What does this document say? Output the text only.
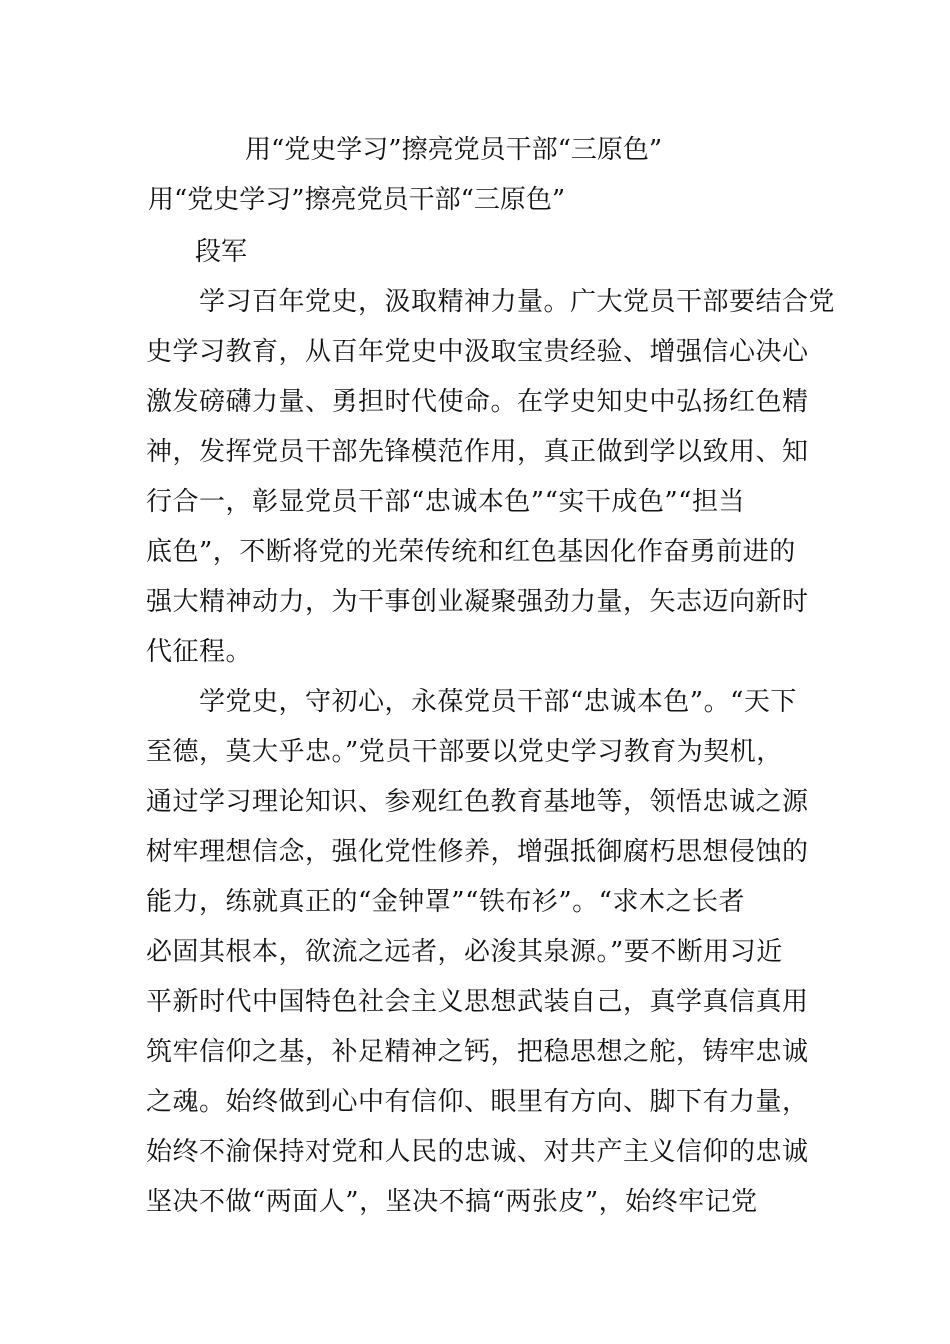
用“党史学习”擦亮党员干部“三原色”
用“党史学习”擦亮党员干部“三原色”
段军
　　学习百年党史，汲取精神力量。广大党员干部要结合党
史学习教育，从百年党史中汲取宝贵经验、增强信心决心
激发磅礴力量、勇担时代使命。在学史知史中弘扬红色精
神，发挥党员干部先锋模范作用，真正做到学以致用、知
行合一，彰显党员干部“忠诚本色”“实干成色”“担当
底色”，不断将党的光荣传统和红色基因化作奋勇前进的
强大精神动力，为干事创业凝聚强劲力量，矢志迈向新时
代征程。
　　学党史，守初心，永葆党员干部“忠诚本色”。“天下
至德，莫大乎忠。”党员干部要以党史学习教育为契机，
通过学习理论知识、参观红色教育基地等，领悟忠诚之源
树牢理想信念，强化党性修养，增强抵御腐朽思想侵蚀的
能力，练就真正的“金钟罩”“铁布衫”。“求木之长者
必固其根本，欲流之远者，必浚其泉源。”要不断用习近
平新时代中国特色社会主义思想武装自己，真学真信真用
筑牢信仰之基，补足精神之钙，把稳思想之舵，铸牢忠诚
之魂。始终做到心中有信仰、眼里有方向、脚下有力量，
始终不渝保持对党和人民的忠诚、对共产主义信仰的忠诚
坚决不做“两面人”，坚决不搞“两张皮”，始终牢记党
